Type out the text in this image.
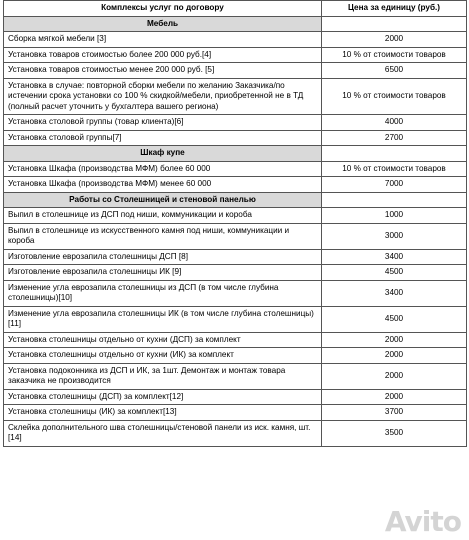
Комплексы услуг по договору	Цена за единицу (руб.)
Мебель	
Сборка мягкой мебели [3]	2000
Установка товаров стоимостью более 200 000 руб.[4]	10 % от стоимости товаров
Установка товаров стоимостью менее 200 000 руб. [5]	6500
Установка в случае: повторной сборки мебели по желанию Заказчика/по истечении срока установки со 100 % скидкой/мебели, приобретенной не в ТД (полный расчет уточнить у бухгалтера вашего региона)	10 % от стоимости товаров
Установка столовой группы (товар клиента)[6]	4000
Установка столовой группы[7]	2700
Шкаф купе	
Установка Шкафа (производства МФМ) более 60 000	10 % от стоимости товаров
Установка Шкафа (производства МФМ) менее 60 000	7000
Работы со Столешницей и стеновой панелью	
Выпил в столешнице из ДСП под ниши, коммуникации и короба	1000
Выпил в столешнице из искусственного камня под ниши, коммуникации и короба	3000
Изготовление еврозапила столешницы ДСП [8]	3400
Изготовление еврозапила столешницы ИК [9]	4500
Изменение угла еврозапила столешницы из ДСП (в том числе глубина столешницы)[10]	3400
Изменение угла еврозапила столешницы ИК (в том числе глубина столешницы)[11]	4500
Установка столешницы отдельно от кухни (ДСП) за комплект	2000
Установка столешницы отдельно от кухни (ИК) за комплект	2000
Установка подоконника из ДСП и ИК, за 1шт. Демонтаж и монтаж товара заказчика не производится	2000
Установка столешницы (ДСП) за комплект[12]	2000
Установка столешницы (ИК) за комплект[13]	3700
Склейка дополнительного шва столешницы/стеновой панели из иск. камня, шт.[14]	3500
Avito
